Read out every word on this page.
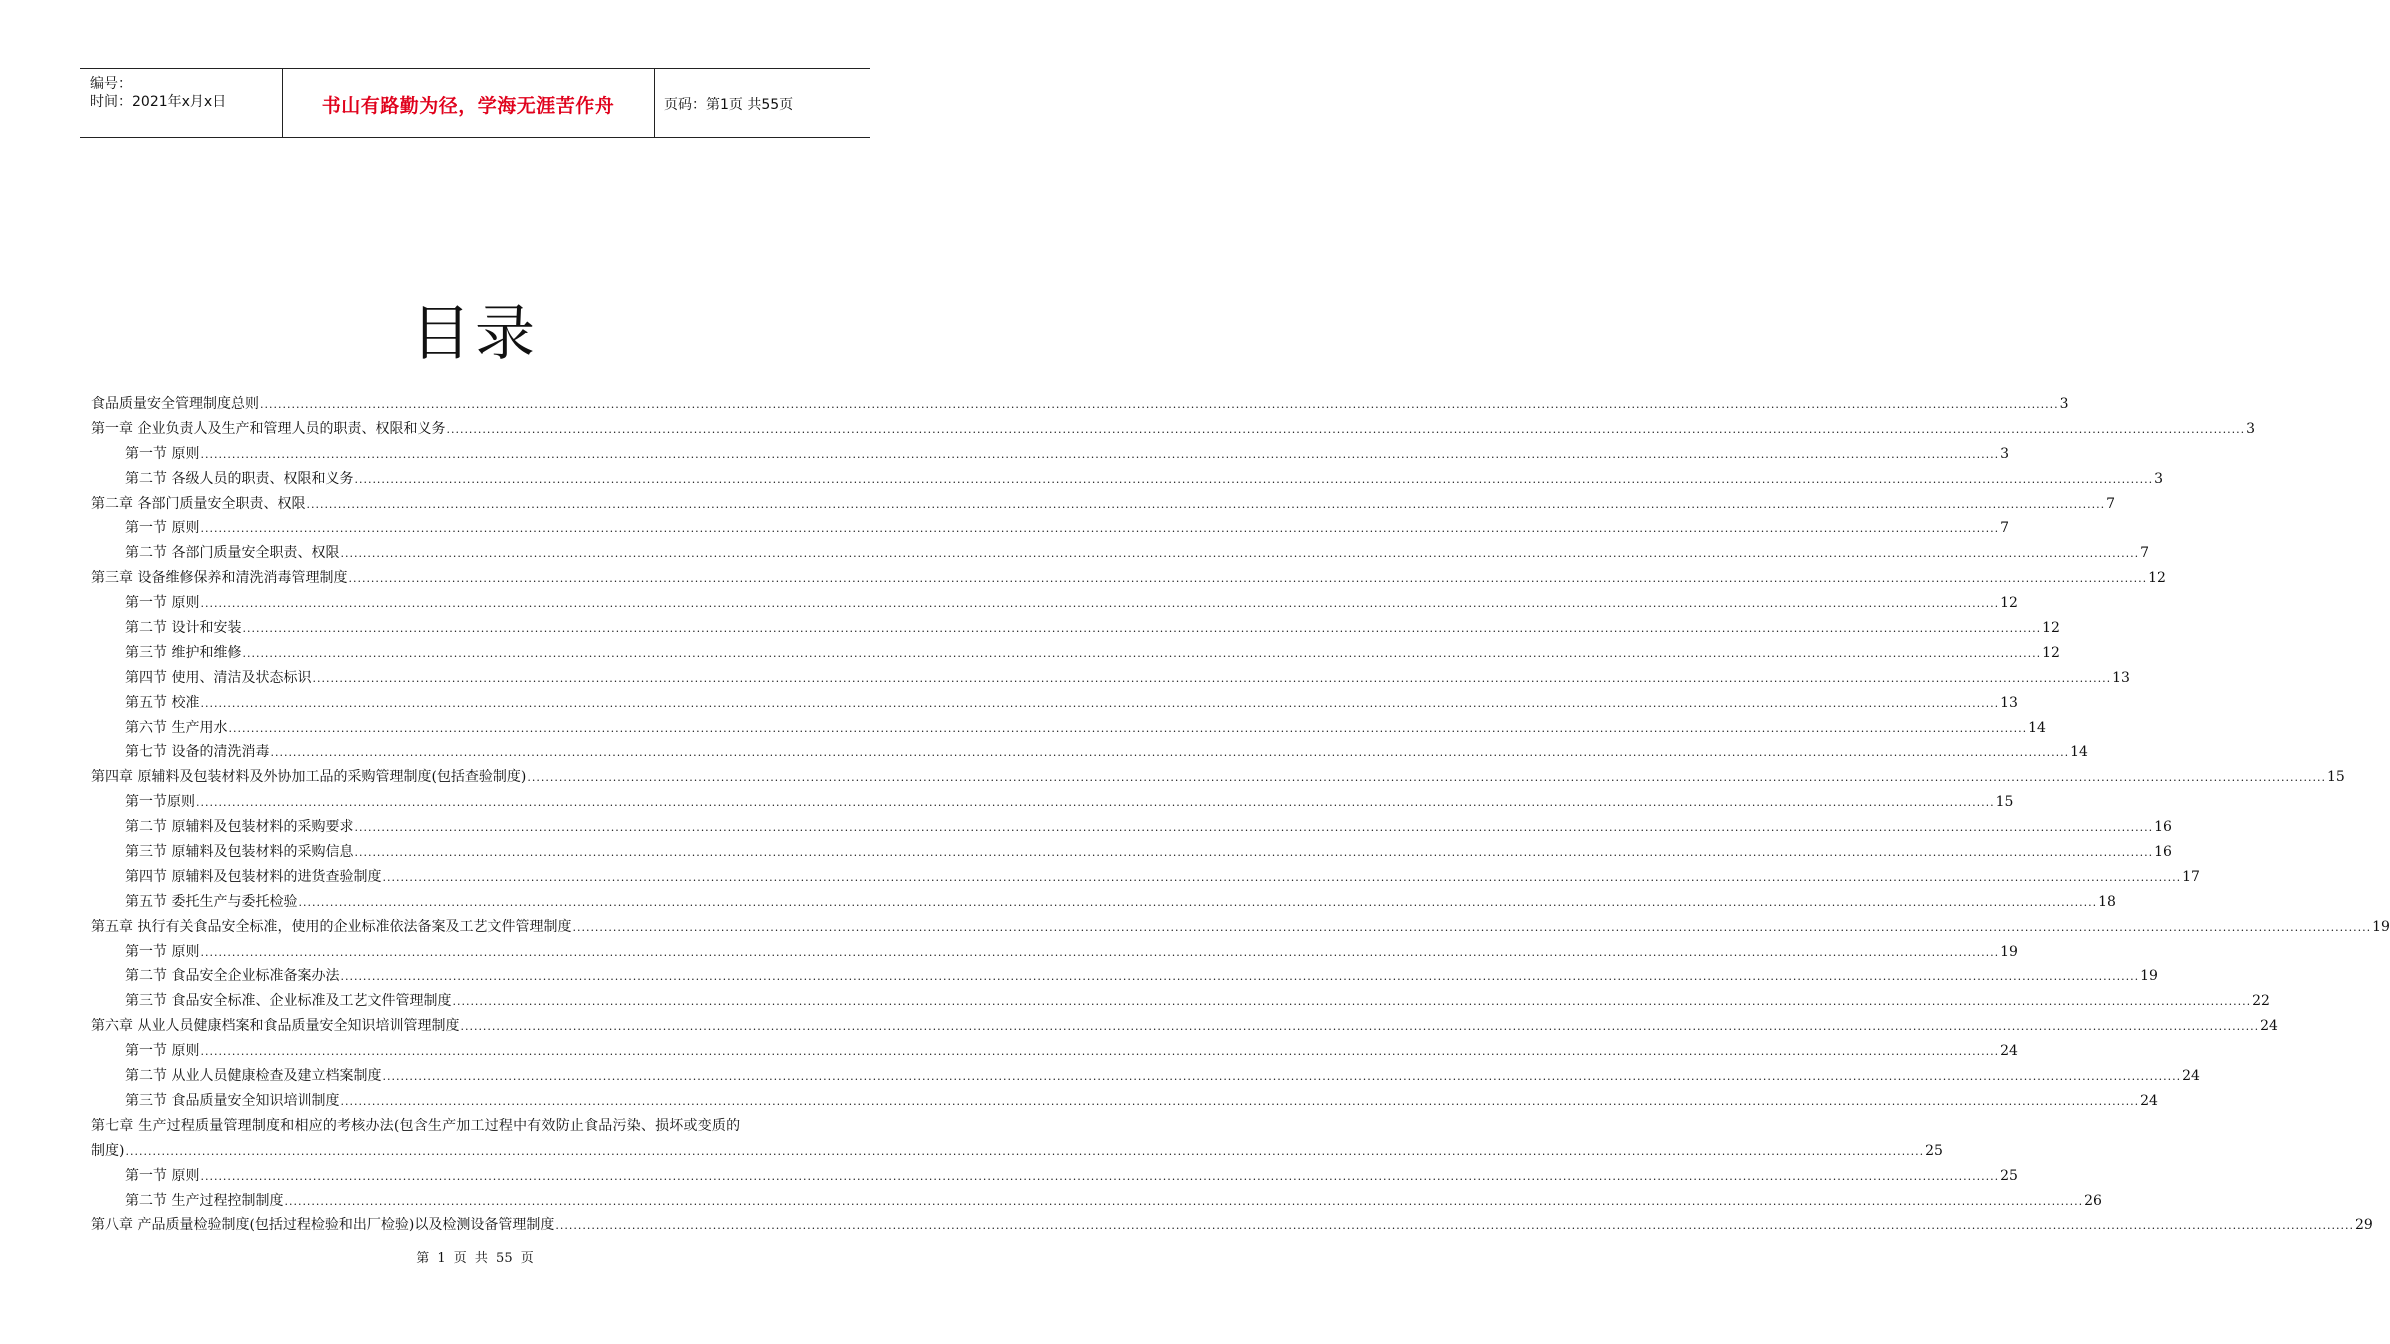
编号：
时间：2021年x月x日	书山有路勤为径，学海无涯苦作舟	页码：第1页 共55页
目录
食品质量安全管理制度总则 ................................................................................................................................................................................................................................................................................................................................................................................................................ 3
第一章 企业负责人及生产和管理人员的职责、权限和义务 ................................................................................................................................................................................................................................................................................................................................................................................................................ 3
第一节 原则 ................................................................................................................................................................................................................................................................................................................................................................................................................ 3
第二节 各级人员的职责、权限和义务 ................................................................................................................................................................................................................................................................................................................................................................................................................ 3
第二章 各部门质量安全职责、权限 ................................................................................................................................................................................................................................................................................................................................................................................................................ 7
第一节 原则 ................................................................................................................................................................................................................................................................................................................................................................................................................ 7
第二节 各部门质量安全职责、权限 ................................................................................................................................................................................................................................................................................................................................................................................................................ 7
第三章 设备维修保养和清洗消毒管理制度 ................................................................................................................................................................................................................................................................................................................................................................................................................ 12
第一节 原则 ................................................................................................................................................................................................................................................................................................................................................................................................................ 12
第二节 设计和安装 ................................................................................................................................................................................................................................................................................................................................................................................................................ 12
第三节 维护和维修 ................................................................................................................................................................................................................................................................................................................................................................................................................ 12
第四节 使用、清洁及状态标识 ................................................................................................................................................................................................................................................................................................................................................................................................................ 13
第五节 校准 ................................................................................................................................................................................................................................................................................................................................................................................................................ 13
第六节 生产用水 ................................................................................................................................................................................................................................................................................................................................................................................................................ 14
第七节 设备的清洗消毒 ................................................................................................................................................................................................................................................................................................................................................................................................................ 14
第四章 原辅料及包装材料及外协加工品的采购管理制度(包括查验制度) ................................................................................................................................................................................................................................................................................................................................................................................................................ 15
第一节原则 ................................................................................................................................................................................................................................................................................................................................................................................................................ 15
第二节 原辅料及包装材料的采购要求 ................................................................................................................................................................................................................................................................................................................................................................................................................ 16
第三节 原辅料及包装材料的采购信息 ................................................................................................................................................................................................................................................................................................................................................................................................................ 16
第四节 原辅料及包装材料的进货查验制度 ................................................................................................................................................................................................................................................................................................................................................................................................................ 17
第五节 委托生产与委托检验 ................................................................................................................................................................................................................................................................................................................................................................................................................ 18
第五章 执行有关食品安全标准，使用的企业标准依法备案及工艺文件管理制度 ................................................................................................................................................................................................................................................................................................................................................................................................................ 19
第一节 原则 ................................................................................................................................................................................................................................................................................................................................................................................................................ 19
第二节 食品安全企业标准备案办法 ................................................................................................................................................................................................................................................................................................................................................................................................................ 19
第三节 食品安全标准、企业标准及工艺文件管理制度 ................................................................................................................................................................................................................................................................................................................................................................................................................ 22
第六章 从业人员健康档案和食品质量安全知识培训管理制度 ................................................................................................................................................................................................................................................................................................................................................................................................................ 24
第一节 原则 ................................................................................................................................................................................................................................................................................................................................................................................................................ 24
第二节 从业人员健康检查及建立档案制度 ................................................................................................................................................................................................................................................................................................................................................................................................................ 24
第三节 食品质量安全知识培训制度 ................................................................................................................................................................................................................................................................................................................................................................................................................ 24
第七章 生产过程质量管理制度和相应的考核办法(包含生产加工过程中有效防止食品污染、损坏或变质的
制度) ................................................................................................................................................................................................................................................................................................................................................................................................................ 25
第一节 原则 ................................................................................................................................................................................................................................................................................................................................................................................................................ 25
第二节 生产过程控制制度 ................................................................................................................................................................................................................................................................................................................................................................................................................ 26
第八章 产品质量检验制度(包括过程检验和出厂检验)以及检测设备管理制度 ................................................................................................................................................................................................................................................................................................................................................................................................................ 29
第 1 页 共 55 页
